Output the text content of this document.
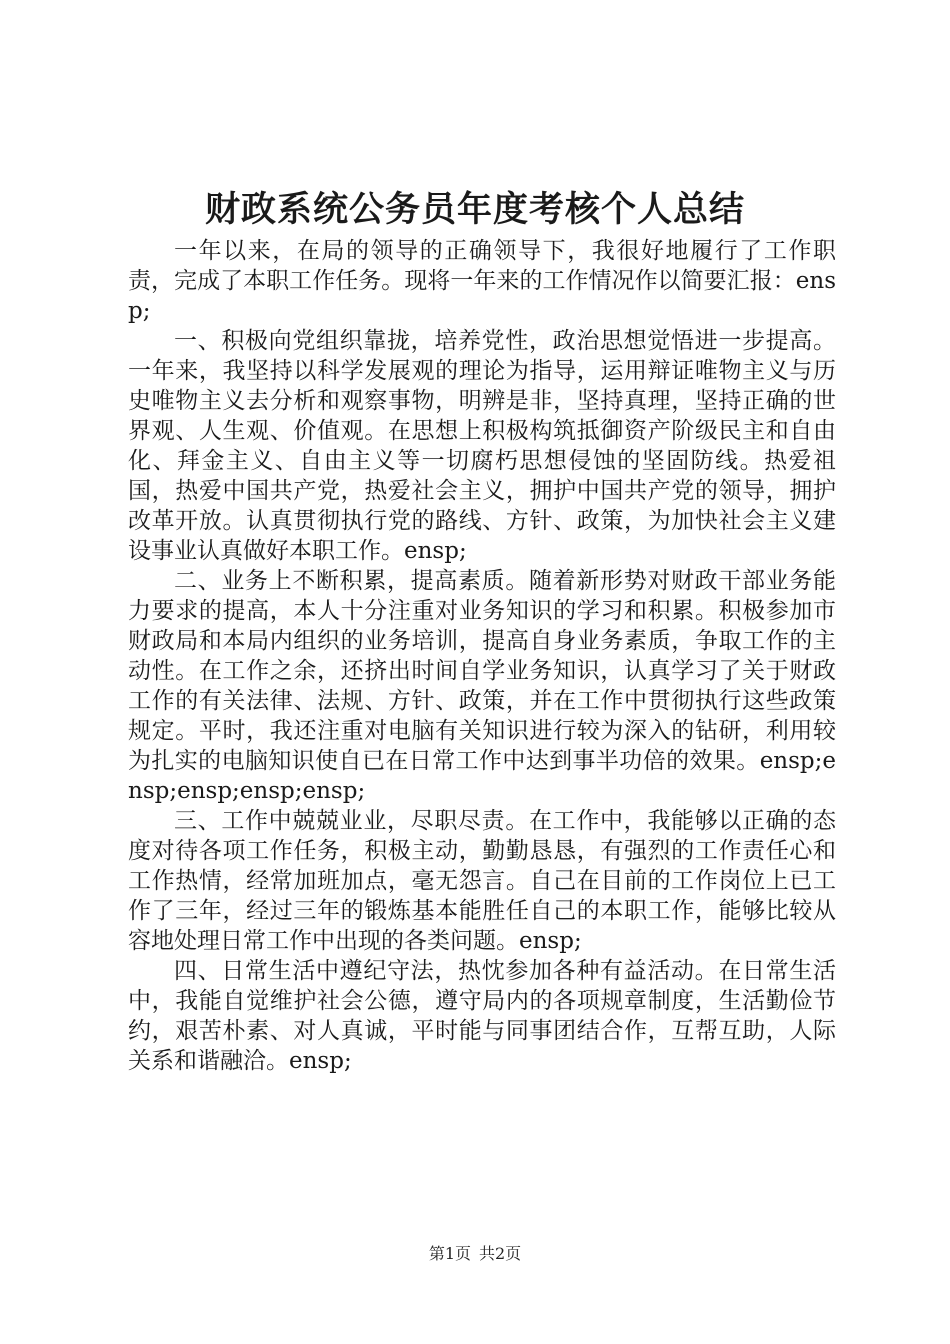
财政系统公务员年度考核个人总结

一年以来，在局的领导的正确领导下，我很好地履行了工作职责，完成了本职工作任务。现将一年来的工作情况作以简要汇报：ensp;

一、积极向党组织靠拢，培养党性，政治思想觉悟进一步提高。一年来，我坚持以科学发展观的理论为指导，运用辩证唯物主义与历史唯物主义去分析和观察事物，明辨是非，坚持真理，坚持正确的世界观、人生观、价值观。在思想上积极构筑抵御资产阶级民主和自由化、拜金主义、自由主义等一切腐朽思想侵蚀的坚固防线。热爱祖国，热爱中国共产党，热爱社会主义，拥护中国共产党的领导，拥护改革开放。认真贯彻执行党的路线、方针、政策，为加快社会主义建设事业认真做好本职工作。ensp;

二、业务上不断积累，提高素质。随着新形势对财政干部业务能力要求的提高，本人十分注重对业务知识的学习和积累。积极参加市财政局和本局内组织的业务培训，提高自身业务素质，争取工作的主动性。在工作之余，还挤出时间自学业务知识，认真学习了关于财政工作的有关法律、法规、方针、政策，并在工作中贯彻执行这些政策规定。平时，我还注重对电脑有关知识进行较为深入的钻研，利用较为扎实的电脑知识使自已在日常工作中达到事半功倍的效果。ensp;ensp;ensp;ensp;ensp;

三、工作中兢兢业业，尽职尽责。在工作中，我能够以正确的态度对待各项工作任务，积极主动，勤勤恳恳，有强烈的工作责任心和工作热情，经常加班加点，毫无怨言。自己在目前的工作岗位上已工作了三年，经过三年的锻炼基本能胜任自己的本职工作，能够比较从容地处理日常工作中出现的各类问题。ensp;

四、日常生活中遵纪守法，热忱参加各种有益活动。在日常生活中，我能自觉维护社会公德，遵守局内的各项规章制度，生活勤俭节约，艰苦朴素、对人真诚，平时能与同事团结合作，互帮互助，人际关系和谐融洽。ensp;

第1页 共2页
